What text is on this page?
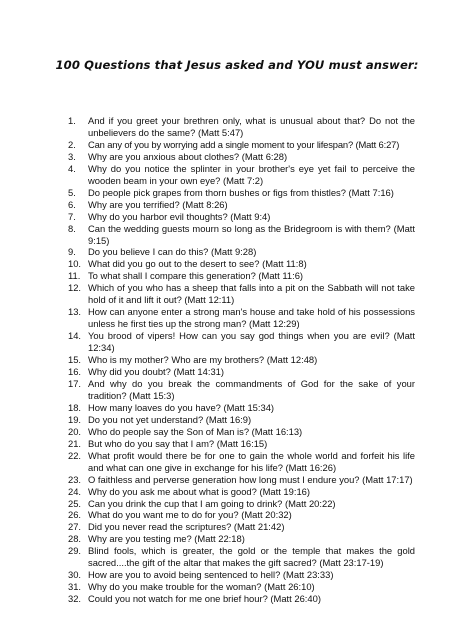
100 Questions that Jesus asked and YOU must answer:
1.	And if you greet your brethren only, what is unusual about that? Do not the unbelievers do the same? (Matt 5:47)
2.	Can any of you by worrying add a single moment to your lifespan? (Matt 6:27)
3.	Why are you anxious about clothes? (Matt 6:28)
4.	Why do you notice the splinter in your brother's eye yet fail to perceive the wooden beam in your own eye? (Matt 7:2)
5.	Do people pick grapes from thorn bushes or figs from thistles? (Matt 7:16)
6.	Why are you terrified? (Matt 8:26)
7.	Why do you harbor evil thoughts? (Matt 9:4)
8.	Can the wedding guests mourn so long as the Bridegroom is with them? (Matt 9:15)
9.	Do you believe I can do this? (Matt 9:28)
10. What did you go out to the desert to see? (Matt 11:8)
11. To what shall I compare this generation? (Matt 11:6)
12. Which of you who has a sheep that falls into a pit on the Sabbath will not take hold of it and lift it out? (Matt 12:11)
13. How can anyone enter a strong man's house and take hold of his possessions unless he first ties up the strong man? (Matt 12:29)
14. You brood of vipers! How can you say god things when you are evil? (Matt 12:34)
15. Who is my mother? Who are my brothers? (Matt 12:48)
16. Why did you doubt? (Matt 14:31)
17. And why do you break the commandments of God for the sake of your tradition? (Matt 15:3)
18. How many loaves do you have? (Matt 15:34)
19. Do you not yet understand? (Matt 16:9)
20. Who do people say the Son of Man is? (Matt 16:13)
21. But who do you say that I am? (Matt 16:15)
22. What profit would there be for one to gain the whole world and forfeit his life and what can one give in exchange for his life? (Matt 16:26)
23. O faithless and perverse generation how long must I endure you? (Matt 17:17)
24. Why do you ask me about what is good? (Matt 19:16)
25. Can you drink the cup that I am going to drink? (Matt 20:22)
26. What do you want me to do for you? (Matt 20:32)
27. Did you never read the scriptures? (Matt 21:42)
28. Why are you testing me? (Matt 22:18)
29. Blind fools, which is greater, the gold or the temple that makes the gold sacred....the gift of the altar that makes the gift sacred? (Matt 23:17-19)
30. How are you to avoid being sentenced to hell? (Matt 23:33)
31. Why do you make trouble for the woman? (Matt 26:10)
32. Could you not watch for me one brief hour? (Matt 26:40)
